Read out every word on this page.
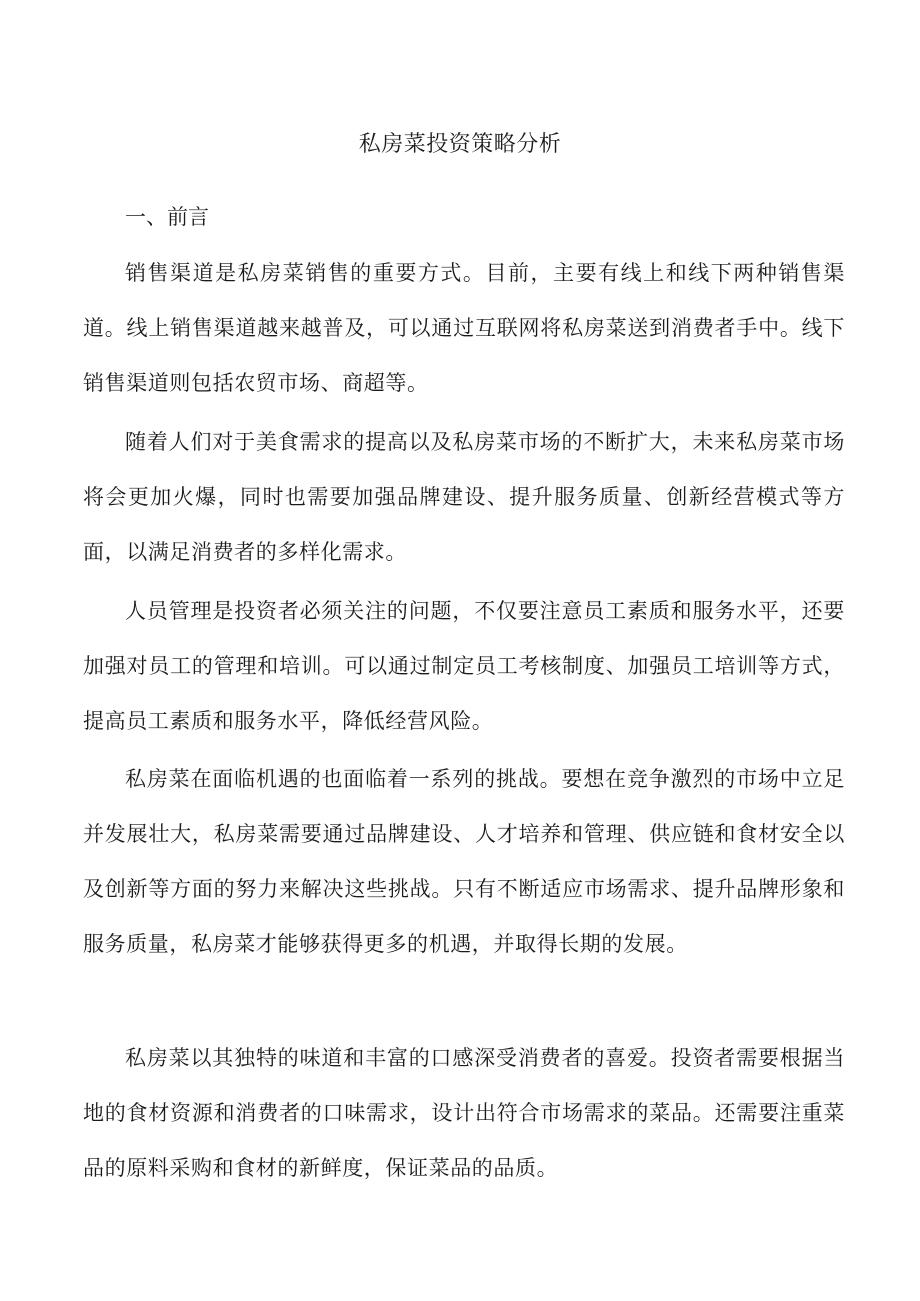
私房菜投资策略分析
一、前言

销售渠道是私房菜销售的重要方式。目前，主要有线上和线下两种销售渠道。线上销售渠道越来越普及，可以通过互联网将私房菜送到消费者手中。线下销售渠道则包括农贸市场、商超等。

随着人们对于美食需求的提高以及私房菜市场的不断扩大，未来私房菜市场将会更加火爆，同时也需要加强品牌建设、提升服务质量、创新经营模式等方面，以满足消费者的多样化需求。

人员管理是投资者必须关注的问题，不仅要注意员工素质和服务水平，还要加强对员工的管理和培训。可以通过制定员工考核制度、加强员工培训等方式，提高员工素质和服务水平，降低经营风险。

私房菜在面临机遇的也面临着一系列的挑战。要想在竞争激烈的市场中立足并发展壮大，私房菜需要通过品牌建设、人才培养和管理、供应链和食材安全以及创新等方面的努力来解决这些挑战。只有不断适应市场需求、提升品牌形象和服务质量，私房菜才能够获得更多的机遇，并取得长期的发展。

私房菜以其独特的味道和丰富的口感深受消费者的喜爱。投资者需要根据当地的食材资源和消费者的口味需求，设计出符合市场需求的菜品。还需要注重菜品的原料采购和食材的新鲜度，保证菜品的品质。
